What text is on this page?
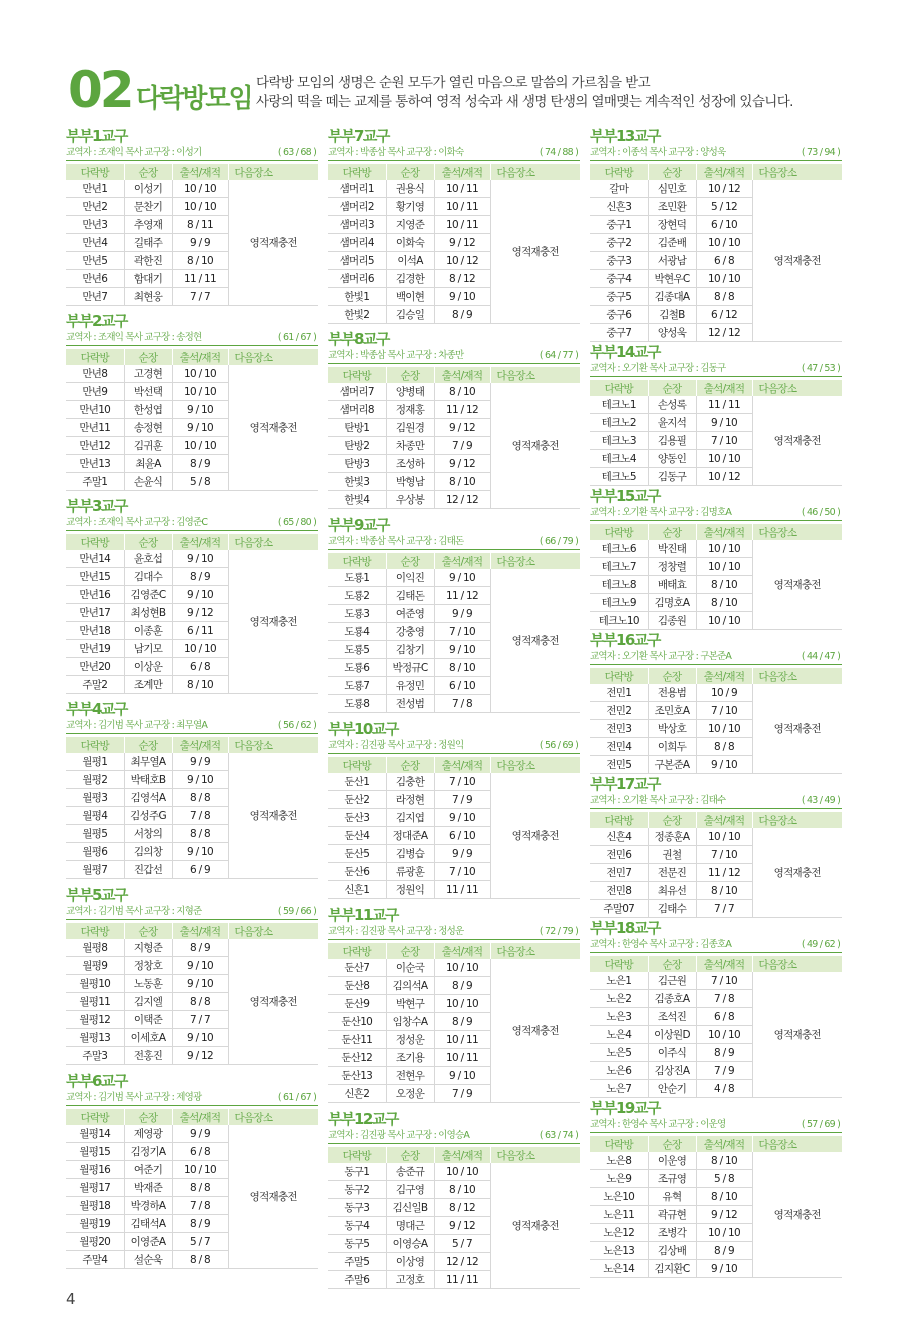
02 다락방모임
다락방 모임의 생명은 순원 모두가 열린 마음으로 말씀의 가르침을 받고
사랑의 떡을 떼는 교제를 통하여 영적 성숙과 새 생명 탄생의 열매맺는 계속적인 성장에 있습니다.
부부1교구
교역자 : 조재익 목사 교구장 : 이성기	( 63 / 68 )
다락방	순장	출석/재적	다음장소
만년1	이성기	10 / 10	영적재충전
만년2	문찬기	10 / 10	
만년3	추영재	8 / 11	
만년4	길태주	9 / 9	
만년5	곽한진	8 / 10	
만년6	함대기	11 / 11	
만년7	최현웅	7 / 7	
부부2교구
교역자 : 조재익 목사 교구장 : 송정현	( 61 / 67 )
다락방	순장	출석/재적	다음장소
만년8	고경현	10 / 10	영적재충전
만년9	박선택	10 / 10	
만년10	한성엽	9 / 10	
만년11	송정현	9 / 10	
만년12	김귀훈	10 / 10	
만년13	최윤A	8 / 9	
주말1	손윤식	5 / 8	
부부3교구
교역자 : 조재익 목사 교구장 : 김영준C	( 65 / 80 )
다락방	순장	출석/재적	다음장소
만년14	윤호섭	9 / 10	영적재충전
만년15	김대수	8 / 9	
만년16	김영준C	9 / 10	
만년17	최성현B	9 / 12	
만년18	이종훈	6 / 11	
만년19	남기모	10 / 10	
만년20	이상운	6 / 8	
주말2	조계만	8 / 10	
부부4교구
교역자 : 김기범 목사 교구장 : 최무열A	( 56 / 62 )
다락방	순장	출석/재적	다음장소
월평1	최무열A	9 / 9	영적재충전
월평2	박태호B	9 / 10	
월평3	김영석A	8 / 8	
월평4	김성주G	7 / 8	
월평5	서창의	8 / 8	
월평6	김의창	9 / 10	
월평7	진갑선	6 / 9	
부부5교구
교역자 : 김기범 목사 교구장 : 지형준	( 59 / 66 )
다락방	순장	출석/재적	다음장소
월평8	지형준	8 / 9	영적재충전
월평9	정창호	9 / 10	
월평10	노동훈	9 / 10	
월평11	김지엘	8 / 8	
월평12	이택준	7 / 7	
월평13	이세호A	9 / 10	
주말3	전홍진	9 / 12	
부부6교구
교역자 : 김기범 목사 교구장 : 제영광	( 61 / 67 )
다락방	순장	출석/재적	다음장소
월평14	제영광	9 / 9	영적재충전
월평15	김정기A	6 / 8	
월평16	여준기	10 / 10	
월평17	박재준	8 / 8	
월평18	박경하A	7 / 8	
월평19	김태석A	8 / 9	
월평20	이영준A	5 / 7	
주말4	설순욱	8 / 8	
부부7교구
교역자 : 박종삼 목사 교구장 : 이화숙	( 74 / 88 )
다락방	순장	출석/재적	다음장소
샘머리1	권용식	10 / 11	영적재충전
샘머리2	황기영	10 / 11	
샘머리3	지영준	10 / 11	
샘머리4	이화숙	9 / 12	
샘머리5	이석A	10 / 12	
샘머리6	김경한	8 / 12	
한빛1	백이현	9 / 10	
한빛2	김승일	8 / 9	
부부8교구
교역자 : 박종삼 목사 교구장 : 차종만	( 64 / 77 )
다락방	순장	출석/재적	다음장소
샘머리7	양병태	8 / 10	영적재충전
샘머리8	정재홍	11 / 12	
탄방1	김원경	9 / 12	
탄방2	차종만	7 / 9	
탄방3	조성하	9 / 12	
한빛3	박형남	8 / 10	
한빛4	우상봉	12 / 12	
부부9교구
교역자 : 박종삼 목사 교구장 : 김태돈	( 66 / 79 )
다락방	순장	출석/재적	다음장소
도룡1	이익진	9 / 10	영적재충전
도룡2	김태돈	11 / 12	
도룡3	여준영	9 / 9	
도룡4	강충영	7 / 10	
도룡5	김창기	9 / 10	
도룡6	박정규C	8 / 10	
도룡7	유정민	6 / 10	
도룡8	전성범	7 / 8	
부부10교구
교역자 : 김진광 목사 교구장 : 정원익	( 56 / 69 )
다락방	순장	출석/재적	다음장소
둔산1	김충한	7 / 10	영적재충전
둔산2	라정현	7 / 9	
둔산3	김지엽	9 / 10	
둔산4	정대준A	6 / 10	
둔산5	김병습	9 / 9	
둔산6	류광훈	7 / 10	
신흔1	정원익	11 / 11	
부부11교구
교역자 : 김진광 목사 교구장 : 정성운	( 72 / 79 )
다락방	순장	출석/재적	다음장소
둔산7	이순국	10 / 10	영적재충전
둔산8	김의석A	8 / 9	
둔산9	박현구	10 / 10	
둔산10	임창수A	8 / 9	
둔산11	정성운	10 / 11	
둔산12	조기용	10 / 11	
둔산13	전현우	9 / 10	
신흔2	오정운	7 / 9	
부부12교구
교역자 : 김진광 목사 교구장 : 이영승A	( 63 / 74 )
다락방	순장	출석/재적	다음장소
동구1	송준규	10 / 10	영적재충전
동구2	김구영	8 / 10	
동구3	김신일B	8 / 12	
동구4	명대근	9 / 12	
동구5	이영승A	5 / 7	
주말5	이상영	12 / 12	
주말6	고정호	11 / 11	
부부13교구
교역자 : 이종석 목사 교구장 : 양성욱	( 73 / 94 )
다락방	순장	출석/재적	다음장소
갈마	심민호	10 / 12	영적재충전
신흔3	조민환	5 / 12	
중구1	장현덕	6 / 10	
중구2	김준배	10 / 10	
중구3	서광남	6 / 8	
중구4	박현우C	10 / 10	
중구5	김종대A	8 / 8	
중구6	김철B	6 / 12	
중구7	양성욱	12 / 12	
부부14교구
교역자 : 오기환 목사 교구장 : 김동구	( 47 / 53 )
다락방	순장	출석/재적	다음장소
테크노1	손성록	11 / 11	영적재충전
테크노2	윤지석	9 / 10	
테크노3	김용필	7 / 10	
테크노4	양동인	10 / 10	
테크노5	김동구	10 / 12	
부부15교구
교역자 : 오기환 목사 교구장 : 김명호A	( 46 / 50 )
다락방	순장	출석/재적	다음장소
테크노6	박진태	10 / 10	영적재충전
테크노7	정창렬	10 / 10	
테크노8	배태효	8 / 10	
테크노9	김명호A	8 / 10	
테크노10	김종원	10 / 10	
부부16교구
교역자 : 오기환 목사 교구장 : 구본준A	( 44 / 47 )
다락방	순장	출석/재적	다음장소
전민1	전용범	10 / 9	영적재충전
전민2	조민호A	7 / 10	
전민3	박상호	10 / 10	
전민4	이희두	8 / 8	
전민5	구본준A	9 / 10	
부부17교구
교역자 : 오기환 목사 교구장 : 김태수	( 43 / 49 )
다락방	순장	출석/재적	다음장소
신흔4	정종훈A	10 / 10	영적재충전
전민6	권철	7 / 10	
전민7	전문진	11 / 12	
전민8	최유선	8 / 10	
주말07	김태수	7 / 7	
부부18교구
교역자 : 한영수 목사 교구장 : 김종호A	( 49 / 62 )
다락방	순장	출석/재적	다음장소
노은1	김근원	7 / 10	영적재충전
노은2	김종호A	7 / 8	
노은3	조석진	6 / 8	
노은4	이상원D	10 / 10	
노은5	이주식	8 / 9	
노은6	김상진A	7 / 9	
노은7	안순기	4 / 8	
부부19교구
교역자 : 한영수 목사 교구장 : 이운영	( 57 / 69 )
다락방	순장	출석/재적	다음장소
노은8	이운영	8 / 10	영적재충전
노은9	조규영	5 / 8	
노은10	유혁	8 / 10	
노은11	곽규현	9 / 12	
노은12	조병각	10 / 10	
노은13	김상배	8 / 9	
노은14	김지환C	9 / 10	
4
